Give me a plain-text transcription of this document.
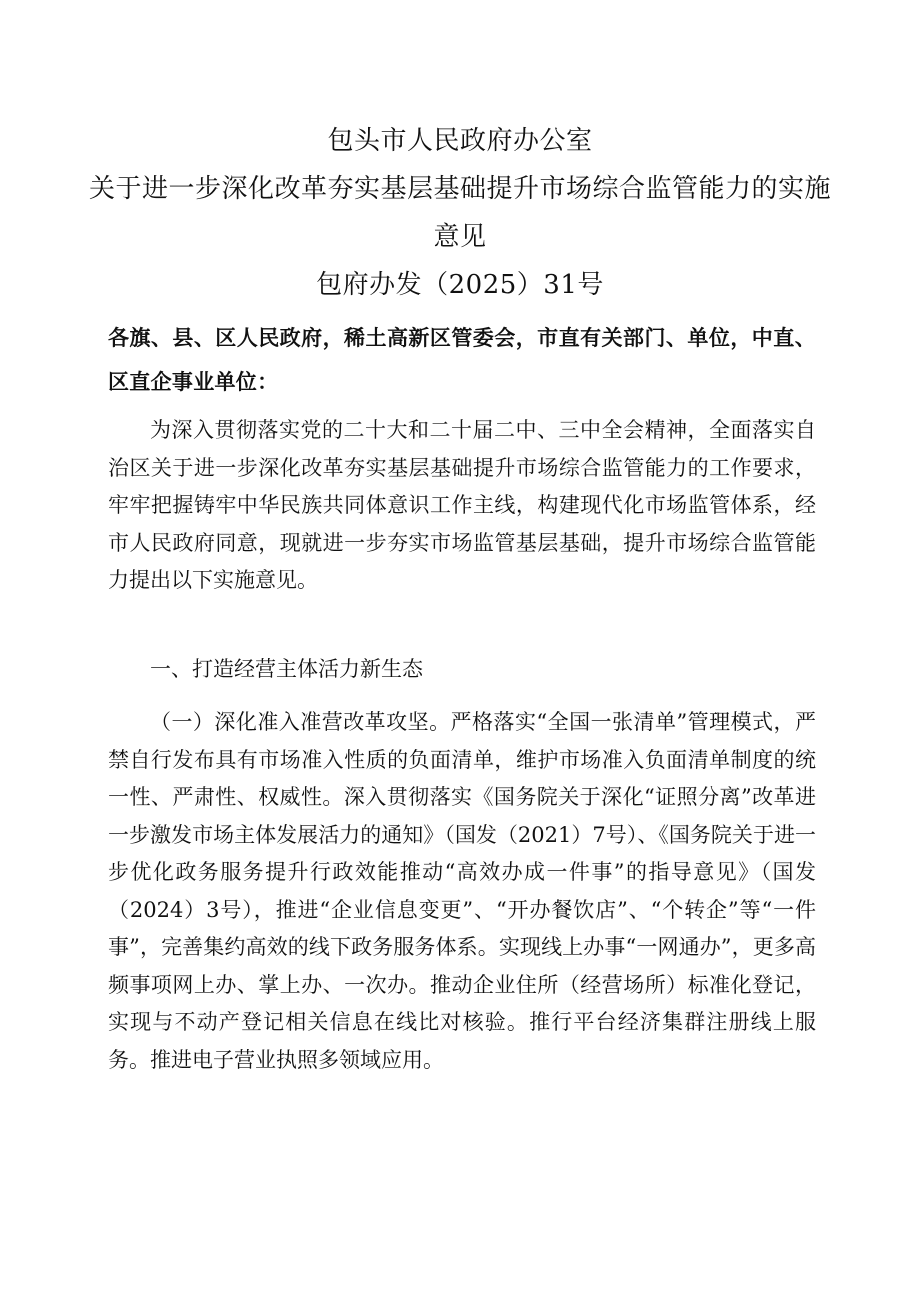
包头市人民政府办公室
关于进一步深化改革夯实基层基础提升市场综合监管能力的实施
意见
包府办发（2025）31号
各旗、县、区人民政府，稀土高新区管委会，市直有关部门、单位，中直、区直企事业单位：
为深入贯彻落实党的二十大和二十届二中、三中全会精神，全面落实自治区关于进一步深化改革夯实基层基础提升市场综合监管能力的工作要求，牢牢把握铸牢中华民族共同体意识工作主线，构建现代化市场监管体系，经市人民政府同意，现就进一步夯实市场监管基层基础，提升市场综合监管能力提出以下实施意见。
一、打造经营主体活力新生态
（一）深化准入准营改革攻坚。严格落实“全国一张清单”管理模式，严禁自行发布具有市场准入性质的负面清单，维护市场准入负面清单制度的统一性、严肃性、权威性。深入贯彻落实《国务院关于深化“证照分离”改革进一步激发市场主体发展活力的通知》（国发（2021）7号）、《国务院关于进一步优化政务服务提升行政效能推动“高效办成一件事”的指导意见》（国发（2024）3号），推进“企业信息变更”、“开办餐饮店”、“个转企”等“一件事”，完善集约高效的线下政务服务体系。实现线上办事“一网通办”，更多高频事项网上办、掌上办、一次办。推动企业住所（经营场所）标准化登记，实现与不动产登记相关信息在线比对核验。推行平台经济集群注册线上服务。推进电子营业执照多领域应用。
